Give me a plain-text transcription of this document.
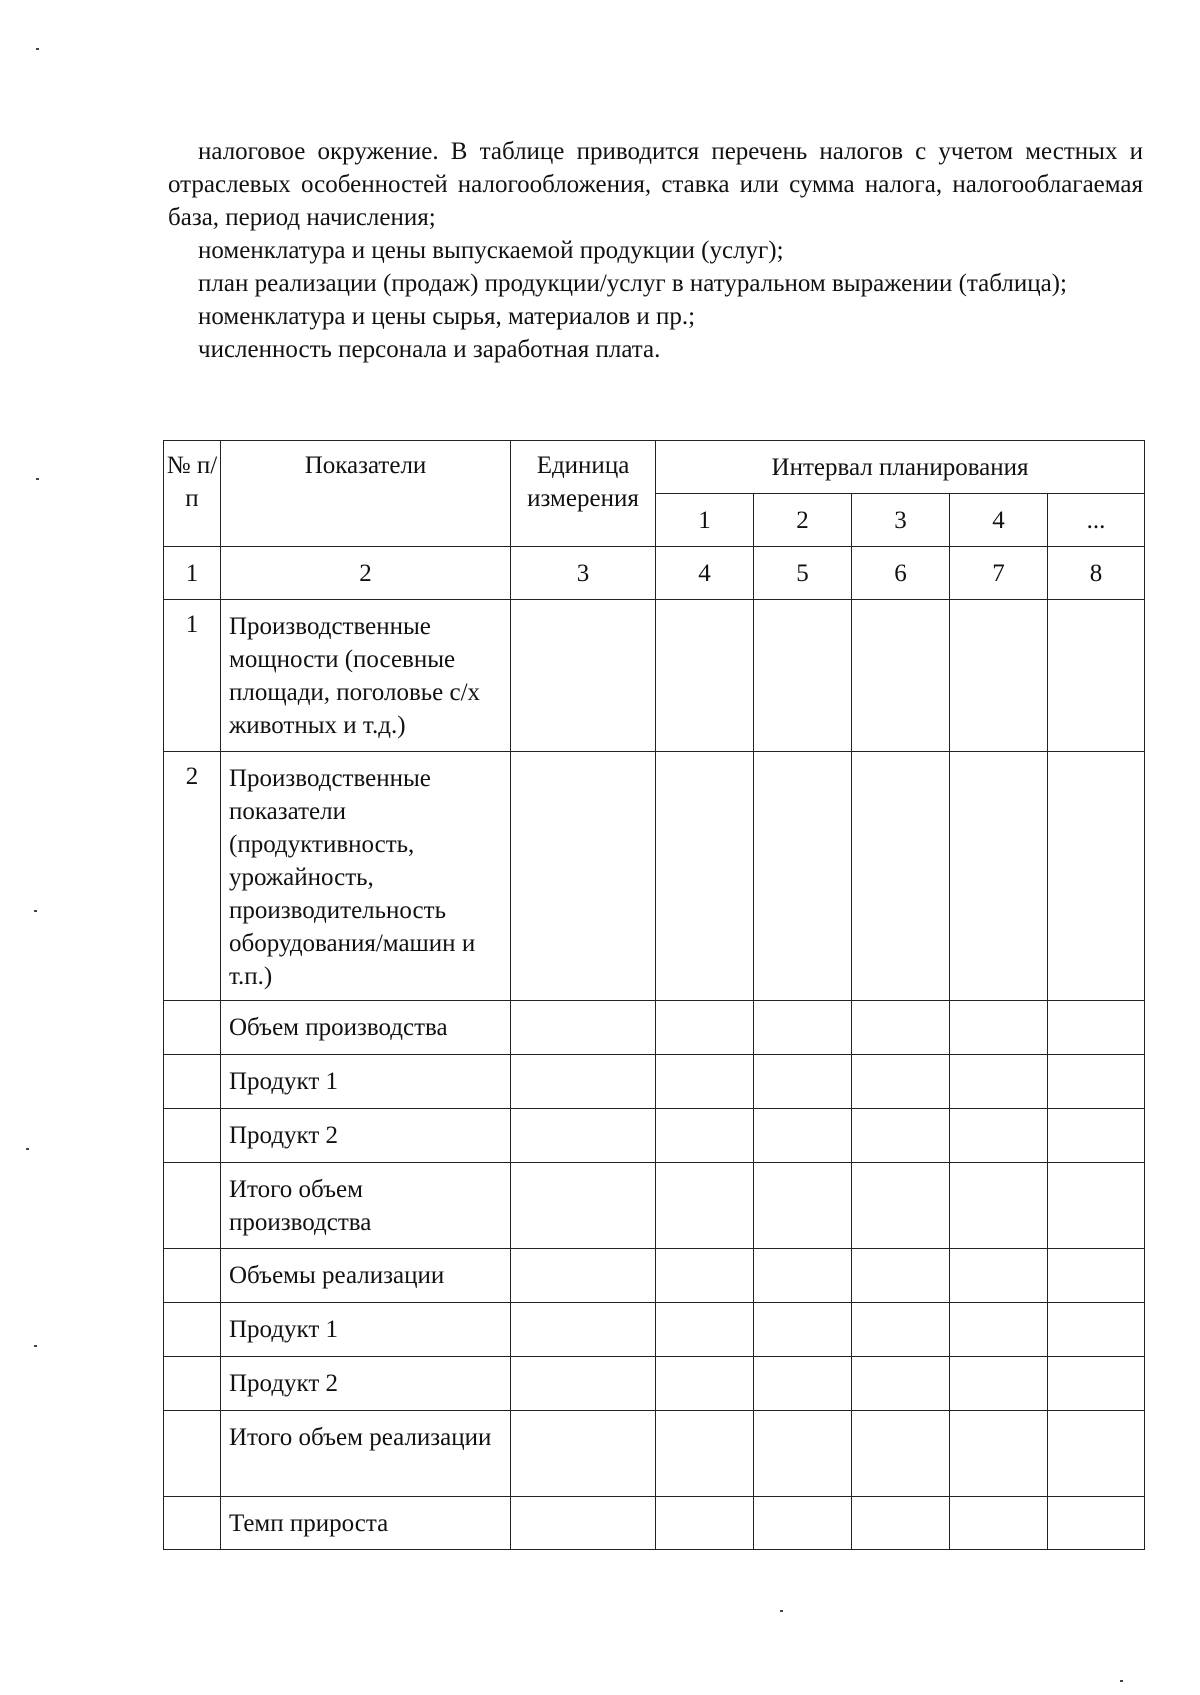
налоговое окружение. В таблице приводится перечень налогов с учетом местных и отраслевых особенностей налогообложения, ставка или сумма налога, налогооблагаемая база, период начисления;

номенклатура и цены выпускаемой продукции (услуг);

план реализации (продаж) продукции/услуг в натуральном выражении (таблица);

номенклатура и цены сырья, материалов и пр.;

численность персонала и заработная плата.

№ п/п	Показатели	Единица измерения	Интервал планирования				
			1	2	3	4	...
1	2	3	4	5	6	7	8

1	Производственные мощности (посевные площади, поголовье с/х животных и т.д.)						

2	Производственные показатели (продуктивность, урожайность, производительность оборудования/машин и т.п.)						

	Объем производства						

	Продукт 1						

	Продукт 2						

	Итого объем производства						

	Объемы реализации						

	Продукт 1						

	Продукт 2						

	Итого объем реализации						

	Темп прироста						
